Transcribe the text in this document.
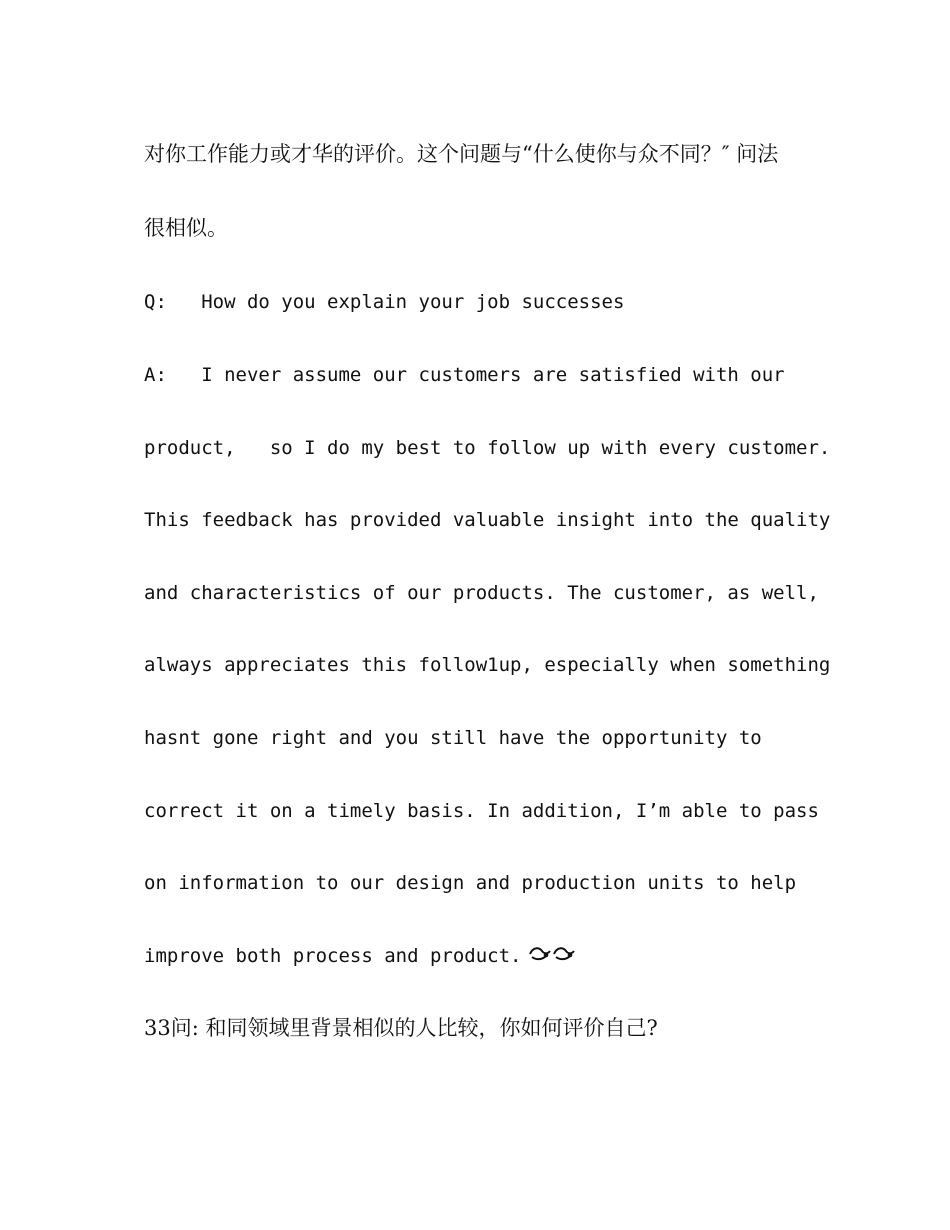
对你工作能力或才华的评价。这个问题与“什么使你与众不同？″ 问法
很相似。
Q:   How do you explain your job successes
A:   I never assume our customers are satisfied with our
product,   so I do my best to follow up with every customer.
This feedback has provided valuable insight into the quality
and characteristics of our products. The customer, as well,
always appreciates this follow1up, especially when something
hasnt gone right and you still have the opportunity to
correct it on a timely basis. In addition, I’m able to pass
on information to our design and production units to help
improve both process and product.
33问: 和同领域里背景相似的人比较，你如何评价自己?
